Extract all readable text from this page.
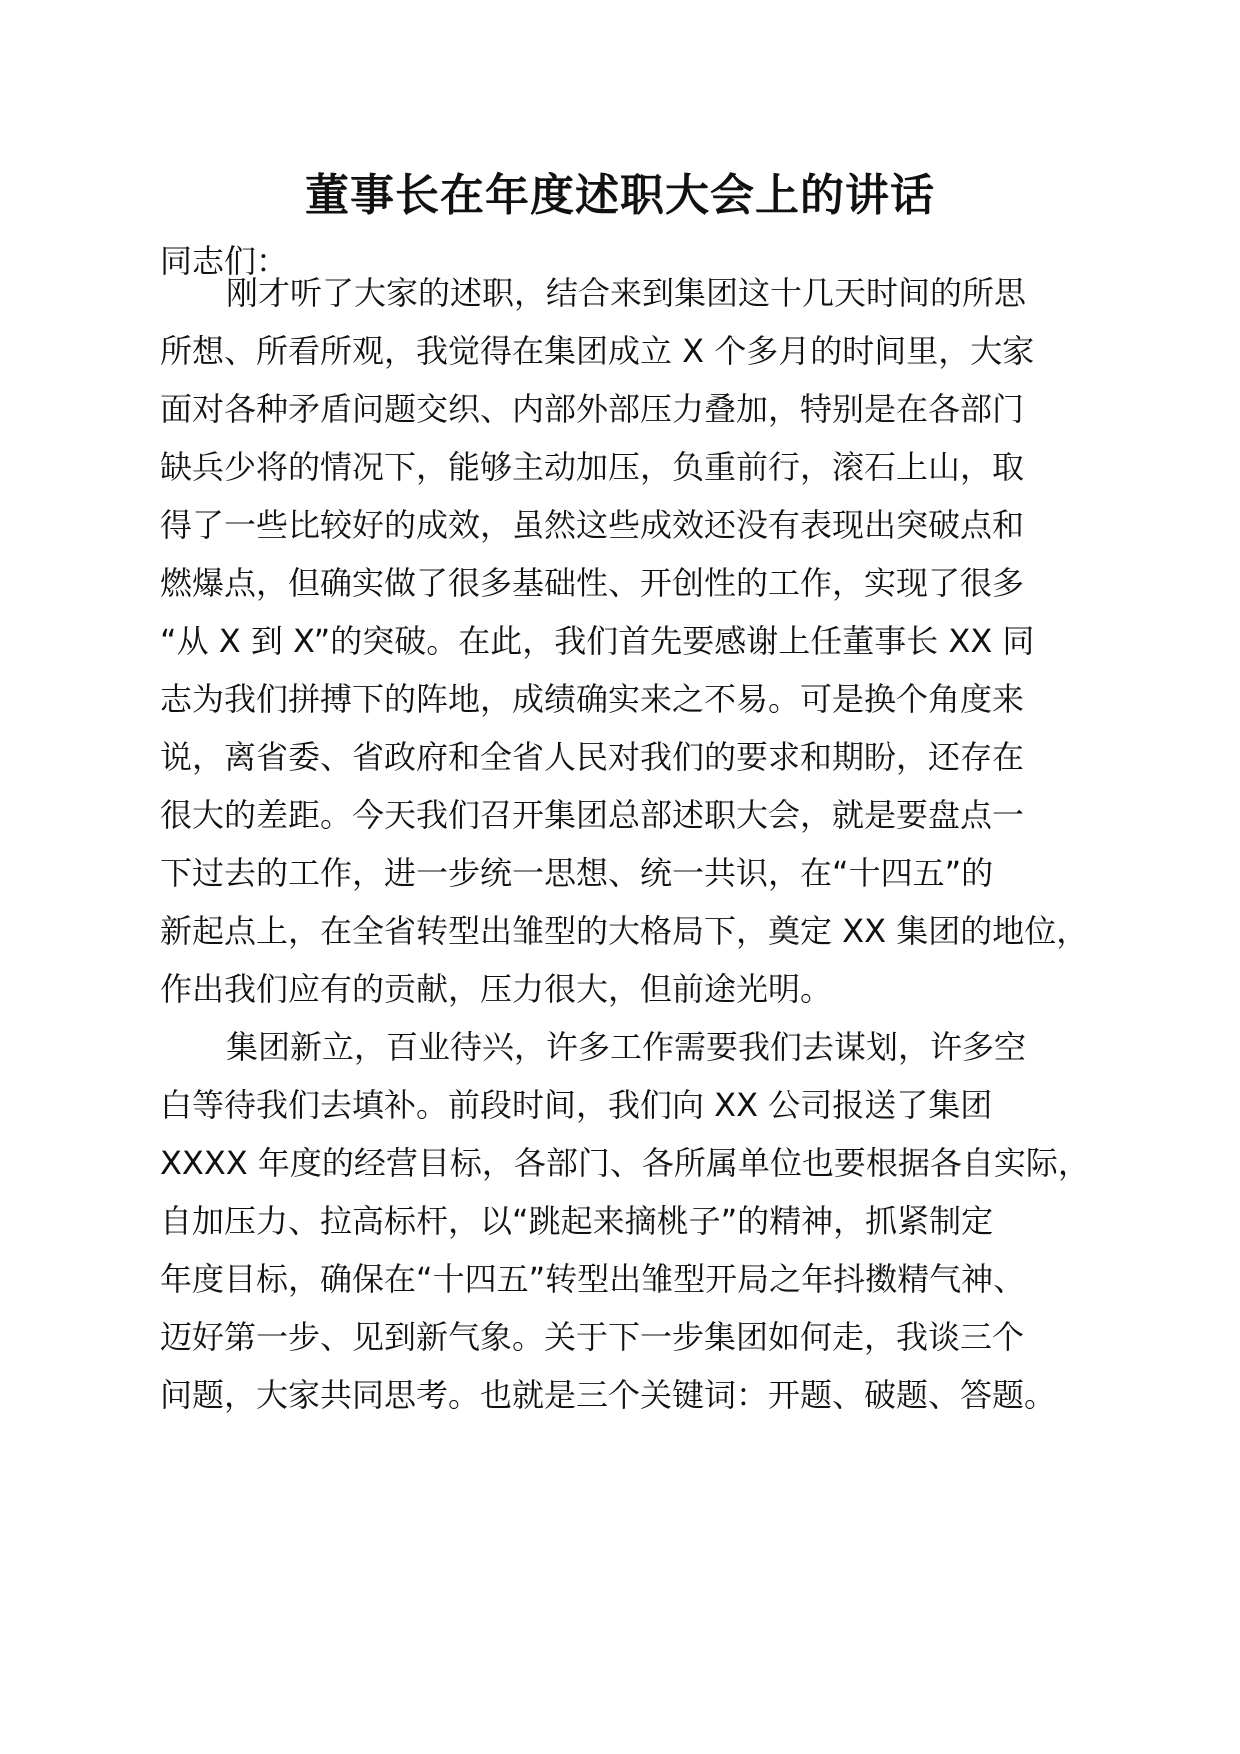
董事长在年度述职大会上的讲话

同志们：

刚才听了大家的述职，结合来到集团这十几天时间的所思

所想、所看所观，我觉得在集团成立 X 个多月的时间里，大家

面对各种矛盾问题交织、内部外部压力叠加，特别是在各部门

缺兵少将的情况下，能够主动加压，负重前行，滚石上山，取

得了一些比较好的成效，虽然这些成效还没有表现出突破点和

燃爆点，但确实做了很多基础性、开创性的工作，实现了很多

“从 X 到 X”的突破。在此，我们首先要感谢上任董事长 XX 同

志为我们拼搏下的阵地，成绩确实来之不易。可是换个角度来

说，离省委、省政府和全省人民对我们的要求和期盼，还存在

很大的差距。今天我们召开集团总部述职大会，就是要盘点一

下过去的工作，进一步统一思想、统一共识，在“十四五”的

新起点上，在全省转型出雏型的大格局下，奠定 XX 集团的地位，

作出我们应有的贡献，压力很大，但前途光明。

集团新立，百业待兴，许多工作需要我们去谋划，许多空

白等待我们去填补。前段时间，我们向 XX 公司报送了集团

XXXX 年度的经营目标，各部门、各所属单位也要根据各自实际，

自加压力、拉高标杆，以“跳起来摘桃子”的精神，抓紧制定

年度目标，确保在“十四五”转型出雏型开局之年抖擞精气神、

迈好第一步、见到新气象。关于下一步集团如何走，我谈三个

问题，大家共同思考。也就是三个关键词：开题、破题、答题。
